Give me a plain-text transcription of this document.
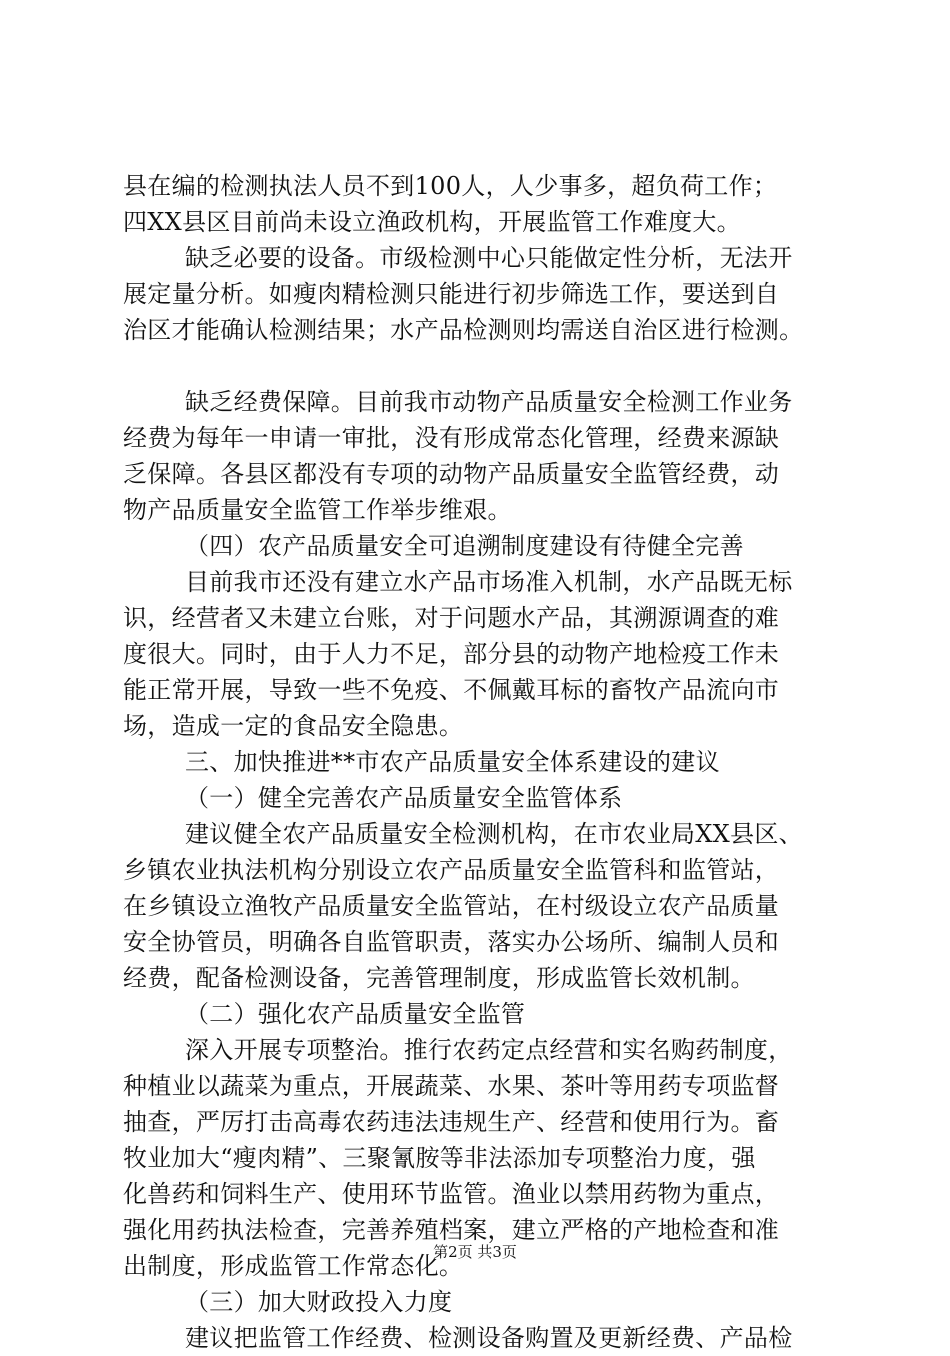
县在编的检测执法人员不到100人，人少事多，超负荷工作；
四XX县区目前尚未设立渔政机构，开展监管工作难度大。
缺乏必要的设备。市级检测中心只能做定性分析，无法开
展定量分析。如瘦肉精检测只能进行初步筛选工作，要送到自
治区才能确认检测结果；水产品检测则均需送自治区进行检测。
缺乏经费保障。目前我市动物产品质量安全检测工作业务
经费为每年一申请一审批，没有形成常态化管理，经费来源缺
乏保障。各县区都没有专项的动物产品质量安全监管经费，动
物产品质量安全监管工作举步维艰。
（四）农产品质量安全可追溯制度建设有待健全完善
目前我市还没有建立水产品市场准入机制，水产品既无标
识，经营者又未建立台账，对于问题水产品，其溯源调查的难
度很大。同时，由于人力不足，部分县的动物产地检疫工作未
能正常开展，导致一些不免疫、不佩戴耳标的畜牧产品流向市
场，造成一定的食品安全隐患。
三、加快推进**市农产品质量安全体系建设的建议
（一）健全完善农产品质量安全监管体系
建议健全农产品质量安全检测机构，在市农业局XX县区、
乡镇农业执法机构分别设立农产品质量安全监管科和监管站，
在乡镇设立渔牧产品质量安全监管站，在村级设立农产品质量
安全协管员，明确各自监管职责，落实办公场所、编制人员和
经费，配备检测设备，完善管理制度，形成监管长效机制。
（二）强化农产品质量安全监管
深入开展专项整治。推行农药定点经营和实名购药制度，
种植业以蔬菜为重点，开展蔬菜、水果、茶叶等用药专项监督
抽查，严厉打击高毒农药违法违规生产、经营和使用行为。畜
牧业加大“瘦肉精”、三聚氰胺等非法添加专项整治力度，强
化兽药和饲料生产、使用环节监管。渔业以禁用药物为重点，
强化用药执法检查，完善养殖档案，建立严格的产地检查和准
出制度，形成监管工作常态化。
（三）加大财政投入力度
建议把监管工作经费、检测设备购置及更新经费、产品检
第2页 共3页
